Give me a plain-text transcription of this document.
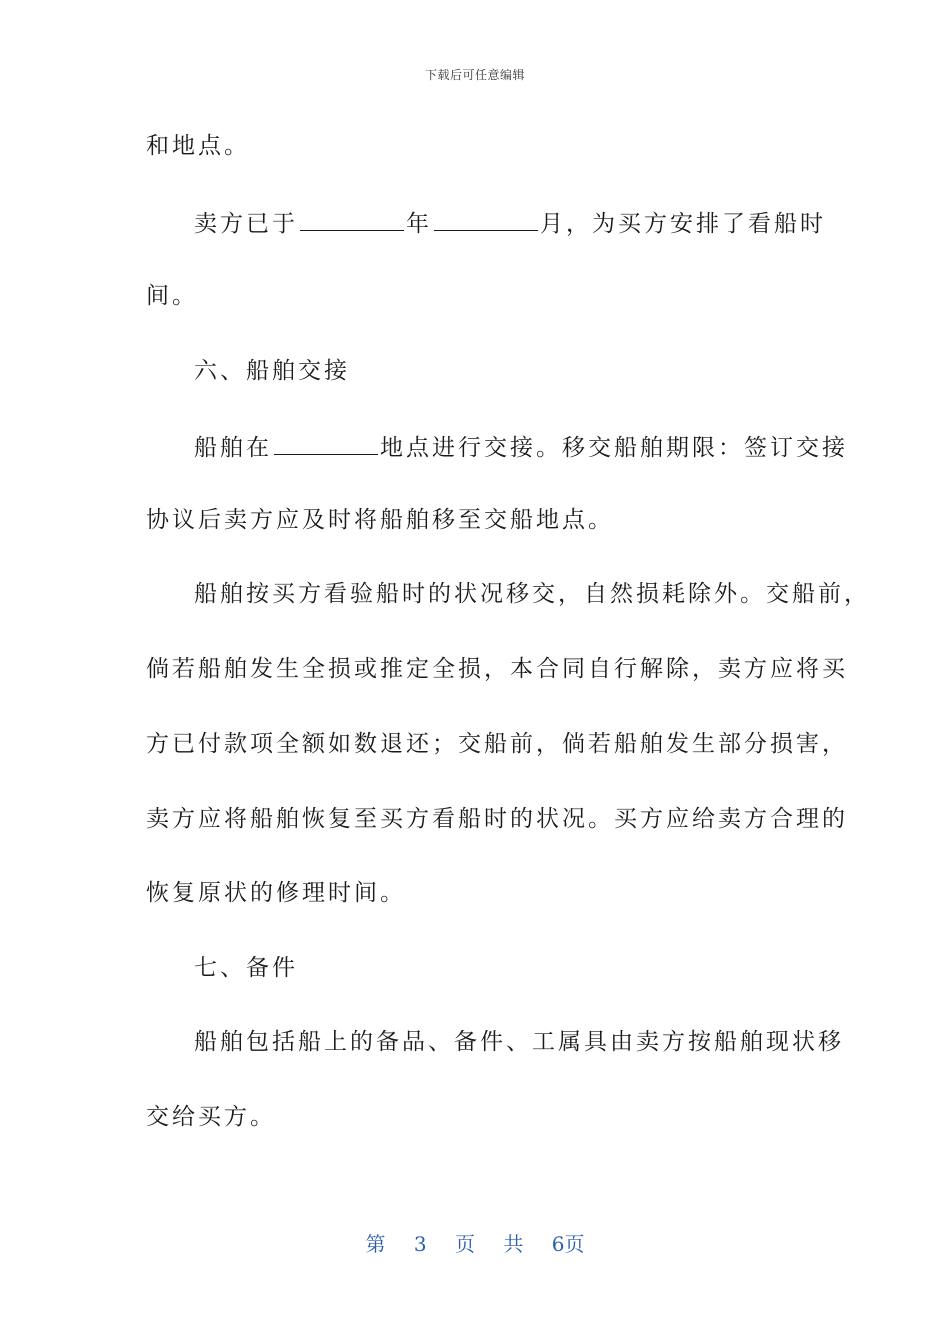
下载后可任意编辑
和地点。
卖方已于	年	月，为买方安排了看船时
间。
六、船舶交接
船舶在	地点进行交接。移交船舶期限：签订交接
协议后卖方应及时将船舶移至交船地点。
船舶按买方看验船时的状况移交，自然损耗除外。交船前，
倘若船舶发生全损或推定全损，本合同自行解除，卖方应将买
方已付款项全额如数退还；交船前，倘若船舶发生部分损害，
卖方应将船舶恢复至买方看船时的状况。买方应给卖方合理的
恢复原状的修理时间。
七、备件
船舶包括船上的备品、备件、工属具由卖方按船舶现状移
交给买方。
第 3 页 共 6页
